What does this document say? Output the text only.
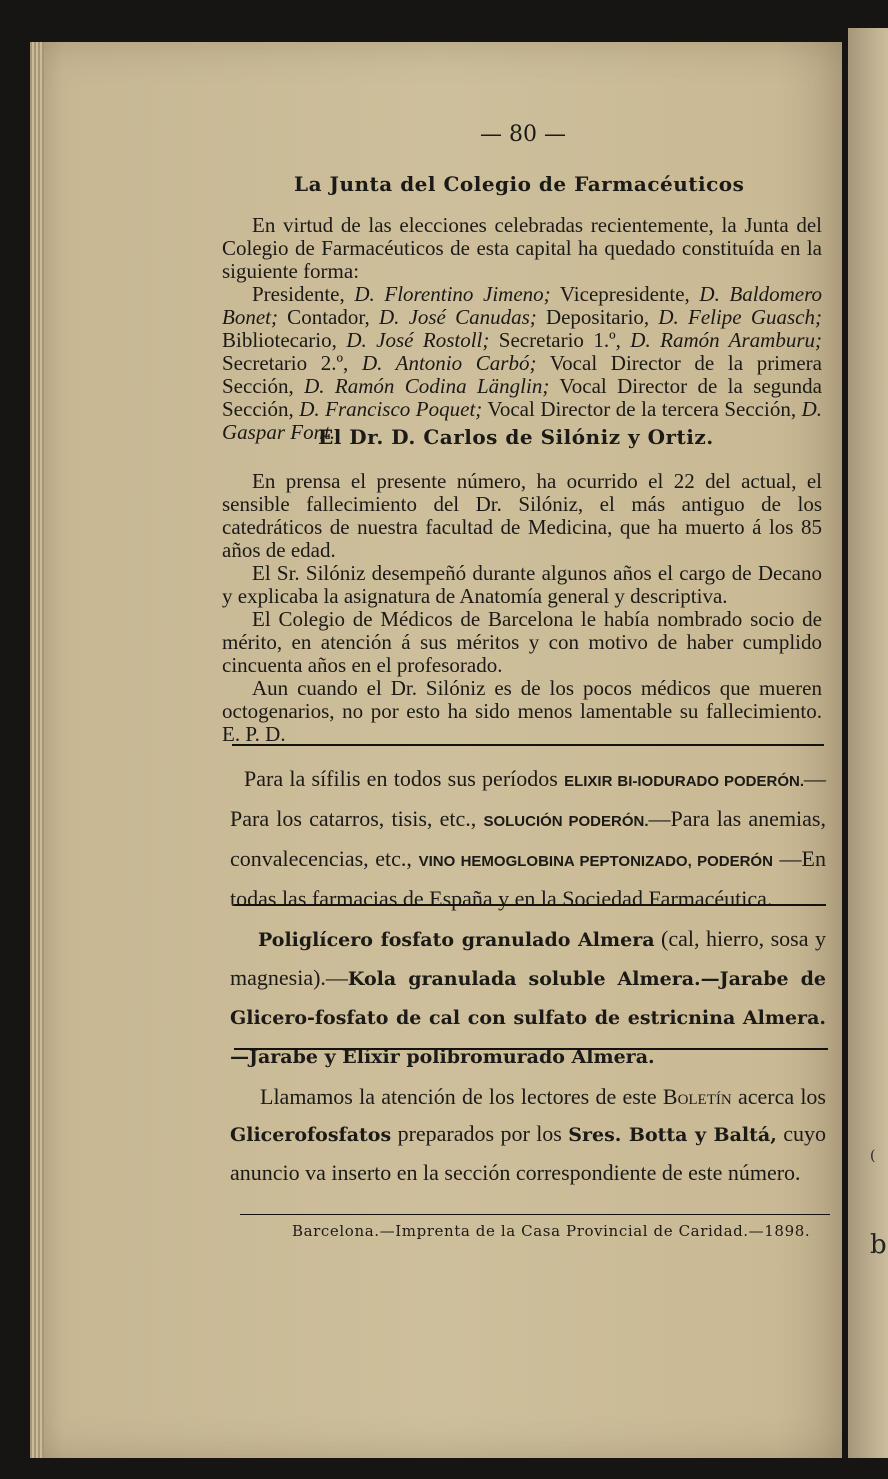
(
b
— 80 —
La Junta del Colegio de Farmacéuticos

En virtud de las elecciones celebradas recientemente, la Junta del Colegio de Farmacéuticos de esta capital ha quedado constituída en la siguiente forma:

Presidente, D. Florentino Jimeno; Vicepresidente, D. Baldomero Bonet; Contador, D. José Canudas; Depositario, D. Felipe Guasch; Bibliotecario, D. José Rostoll; Secretario 1.º, D. Ramón Aramburu; Secretario 2.º, D. Antonio Carbó; Vocal Director de la primera Sección, D. Ramón Codina Länglin; Vocal Director de la segunda Sección, D. Francisco Poquet; Vocal Director de la tercera Sección, D. Gaspar Font.

El Dr. D. Carlos de Silóniz y Ortiz.

En prensa el presente número, ha ocurrido el 22 del actual, el sensible fallecimiento del Dr. Silóniz, el más antiguo de los catedráticos de nuestra facultad de Medicina, que ha muerto á los 85 años de edad.

El Sr. Silóniz desempeñó durante algunos años el cargo de Decano y explicaba la asignatura de Anatomía general y descriptiva.

El Colegio de Médicos de Barcelona le había nombrado socio de mérito, en atención á sus méritos y con motivo de haber cumplido cincuenta años en el profesorado.

Aun cuando el Dr. Silóniz es de los pocos médicos que mueren octogenarios, no por esto ha sido menos lamentable su fallecimiento. E. P. D.

Para la sífilis en todos sus períodos ELIXIR BI-IODURADO PODERÓN.—Para los catarros, tisis, etc., SOLUCIÓN PODERÓN.—Para las anemias, convalecencias, etc., VINO HEMOGLOBINA PEPTONIZADO, PODERÓN —En todas las farmacias de España y en la Sociedad Farmacéutica.
Poliglícero fosfato granulado Almera (cal, hierro, sosa y magnesia).—Kola granulada soluble Almera.—Jarabe de Glicero-fosfato de cal con sulfato de estricnina Almera.—Jarabe y Elíxir polibromurado Almera.
Llamamos la atención de los lectores de este Boletín acerca los Glicerofosfatos preparados por los Sres. Botta y Baltá, cuyo anuncio va inserto en la sección correspondiente de este número.
Barcelona.—Imprenta de la Casa Provincial de Caridad.—1898.
